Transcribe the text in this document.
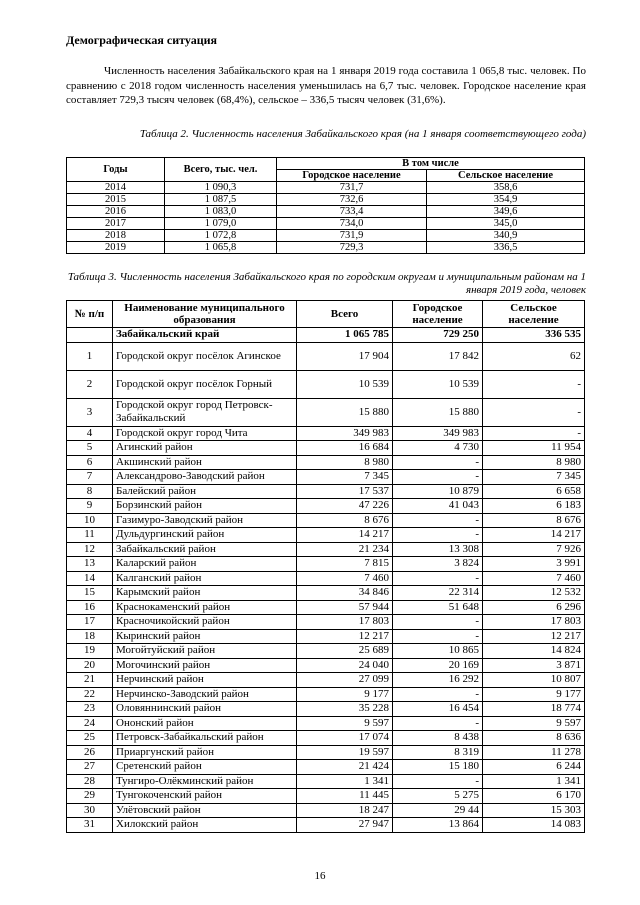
Демографическая ситуация

Численность населения Забайкальского края на 1 января 2019 года составила 1 065,8 тыс. человек. По сравнению с 2018 годом численность населения уменьшилась на 6,7 тыс. человек. Городское население края составляет 729,3 тысяч человек (68,4%), сельское – 336,5 тысяч человек (31,6%).

Таблица 2. Численность населения Забайкальского края (на 1 января соответствующего года)

Годы	Всего, тыс. чел.	В том числе	
		Городское население	Сельское население
2014	1 090,3	731,7	358,6
2015	1 087,5	732,6	354,9
2016	1 083,0	733,4	349,6
2017	1 079,0	734,0	345,0
2018	1 072,8	731,9	340,9
2019	1 065,8	729,3	336,5

Таблица 3. Численность населения Забайкальского края по городским округам и муниципальным районам на 1 января 2019 года, человек

№ п/п	Наименование муниципального образования	Всего	Городское население	Сельское население
	Забайкальский край	1 065 785	729 250	336 535
1	Городской округ посёлок Агинское	17 904	17 842	62
2	Городской округ посёлок Горный	10 539	10 539	-
3	Городской округ город Петровск-Забайкальский	15 880	15 880	-
4	Городской округ город Чита	349 983	349 983	-
5	Агинский район	16 684	4 730	11 954
6	Акшинский район	8 980	-	8 980
7	Александрово-Заводский район	7 345	-	7 345
8	Балейский район	17 537	10 879	6 658
9	Борзинский район	47 226	41 043	6 183
10	Газимуро-Заводский район	8 676	-	8 676
11	Дульдургинский район	14 217	-	14 217
12	Забайкальский район	21 234	13 308	7 926
13	Каларский район	7 815	3 824	3 991
14	Калганский район	7 460	-	7 460
15	Карымский район	34 846	22 314	12 532
16	Краснокаменский район	57 944	51 648	6 296
17	Красночикойский район	17 803	-	17 803
18	Кыринский район	12 217	-	12 217
19	Могойтуйский район	25 689	10 865	14 824
20	Могочинский район	24 040	20 169	3 871
21	Нерчинский район	27 099	16 292	10 807
22	Нерчинско-Заводский район	9 177	-	9 177
23	Оловяннинский район	35 228	16 454	18 774
24	Ононский район	9 597	-	9 597
25	Петровск-Забайкальский район	17 074	8 438	8 636
26	Приаргунский район	19 597	8 319	11 278
27	Сретенский район	21 424	15 180	6 244
28	Тунгиро-Олёкминский район	1 341	-	1 341
29	Тунгокоченский район	11 445	5 275	6 170
30	Улётовский район	18 247	29 44	15 303
31	Хилокский район	27 947	13 864	14 083
16
